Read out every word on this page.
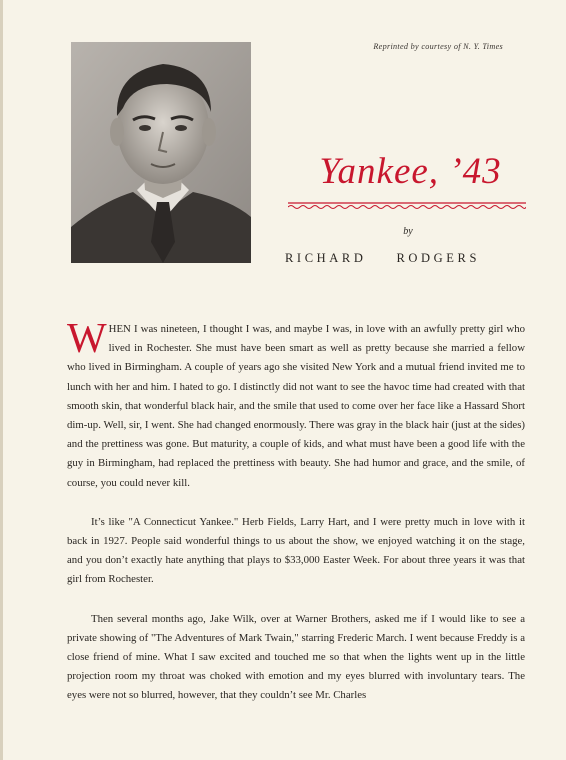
Reprinted by courtesy of N. Y. Times
Yankee, ’43
by
RICHARD RODGERS

WHEN I was nineteen, I thought I was, and maybe I was, in love with an awfully pretty girl who lived in Rochester. She must have been smart as well as pretty because she married a fellow who lived in Birmingham. A couple of years ago she visited New York and a mutual friend invited me to lunch with her and him. I hated to go. I distinctly did not want to see the havoc time had created with that smooth skin, that wonderful black hair, and the smile that used to come over her face like a Hassard Short dim-up. Well, sir, I went. She had changed enormously. There was gray in the black hair (just at the sides) and the prettiness was gone. But maturity, a couple of kids, and what must have been a good life with the guy in Birmingham, had replaced the prettiness with beauty. She had humor and grace, and the smile, of course, you could never kill.

It’s like "A Connecticut Yankee." Herb Fields, Larry Hart, and I were pretty much in love with it back in 1927. People said wonderful things to us about the show, we enjoyed watching it on the stage, and you don’t exactly hate anything that plays to $33,000 Easter Week. For about three years it was that girl from Rochester.

Then several months ago, Jake Wilk, over at Warner Brothers, asked me if I would like to see a private showing of "The Adventures of Mark Twain," starring Frederic March. I went because Freddy is a close friend of mine. What I saw excited and touched me so that when the lights went up in the little projection room my throat was choked with emotion and my eyes blurred with involuntary tears. The eyes were not so blurred, however, that they couldn’t see Mr. Charles
